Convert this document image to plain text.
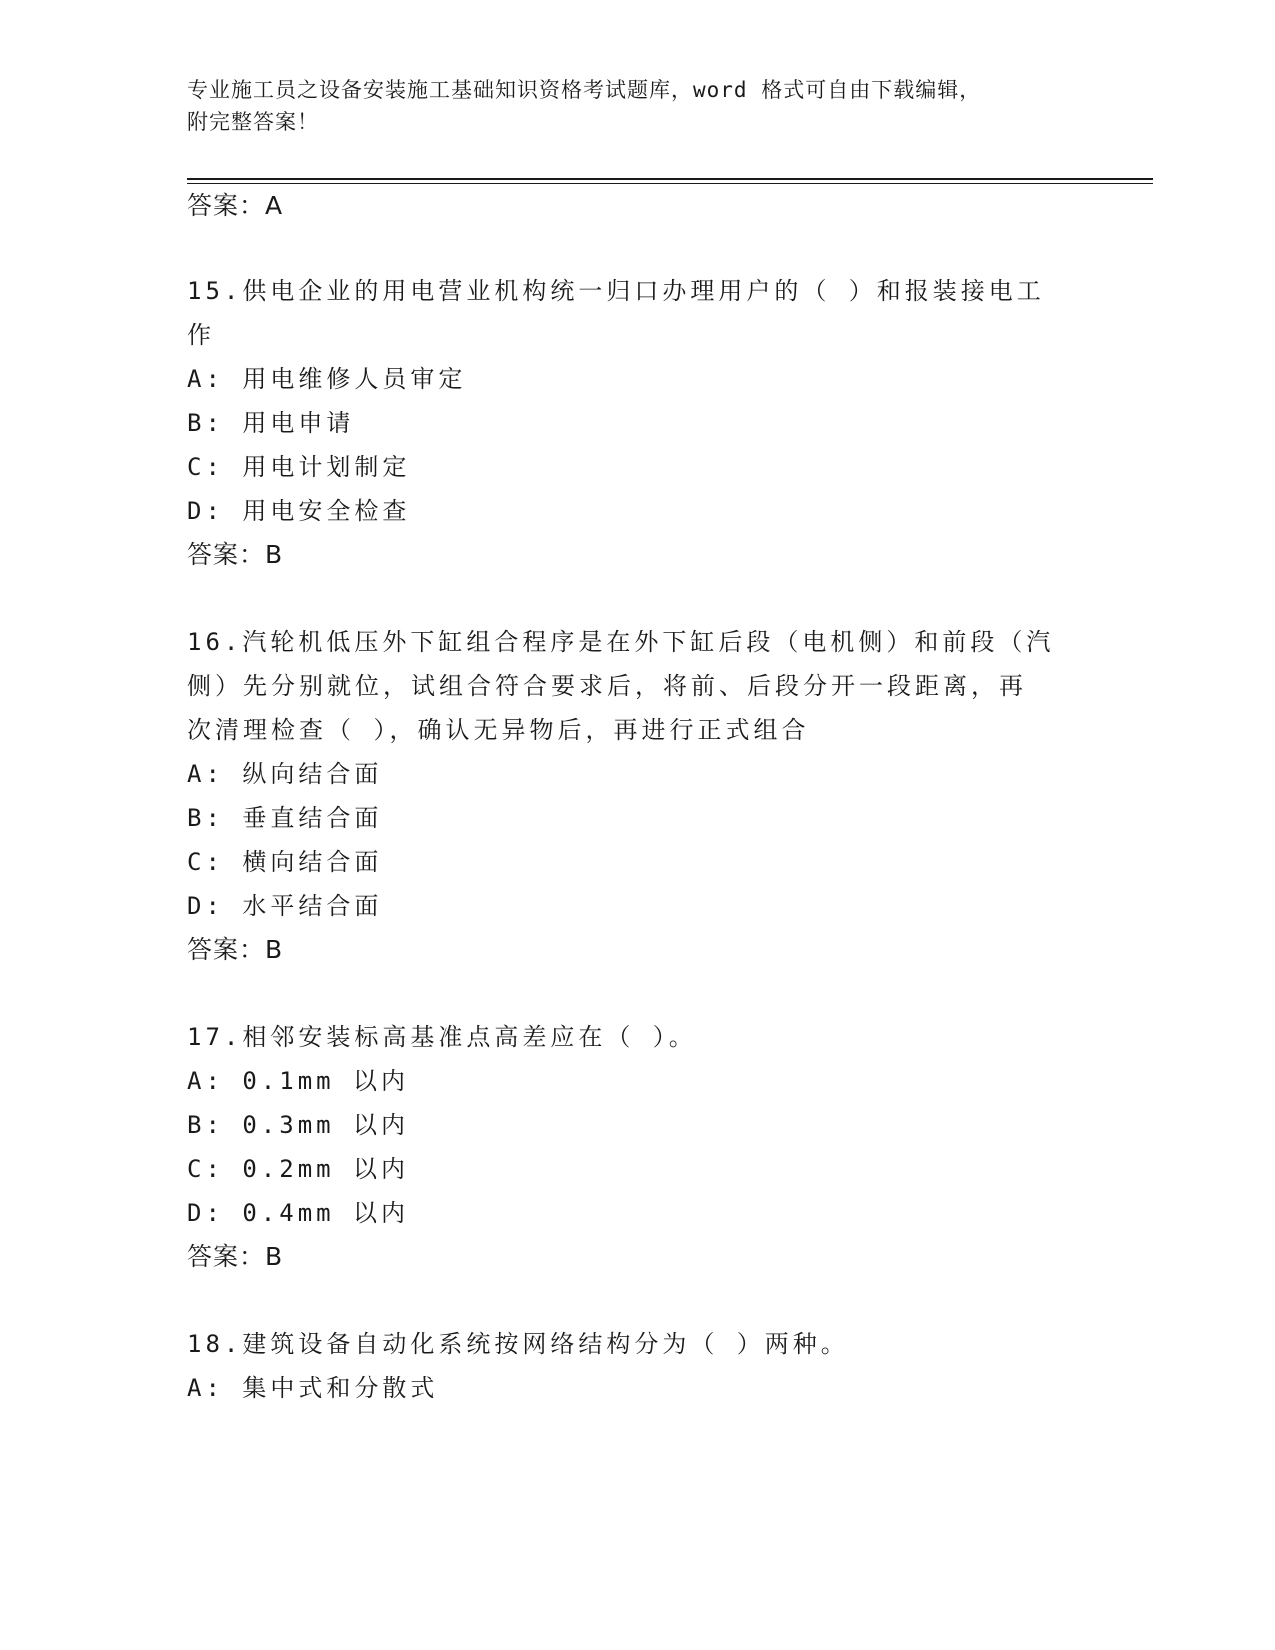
专业施工员之设备安装施工基础知识资格考试题库，word 格式可自由下载编辑，
附完整答案！
答案：A
15.供电企业的用电营业机构统一归口办理用户的（ ）和报装接电工
作
A: 用电维修人员审定
B: 用电申请
C: 用电计划制定
D: 用电安全检查
答案：B
16.汽轮机低压外下缸组合程序是在外下缸后段（电机侧）和前段（汽
侧）先分别就位，试组合符合要求后，将前、后段分开一段距离，再
次清理检查（ ），确认无异物后，再进行正式组合
A: 纵向结合面
B: 垂直结合面
C: 横向结合面
D: 水平结合面
答案：B
17.相邻安装标高基准点高差应在（ ）。
A: 0.1mm 以内
B: 0.3mm 以内
C: 0.2mm 以内
D: 0.4mm 以内
答案：B
18.建筑设备自动化系统按网络结构分为（ ）两种。
A: 集中式和分散式
